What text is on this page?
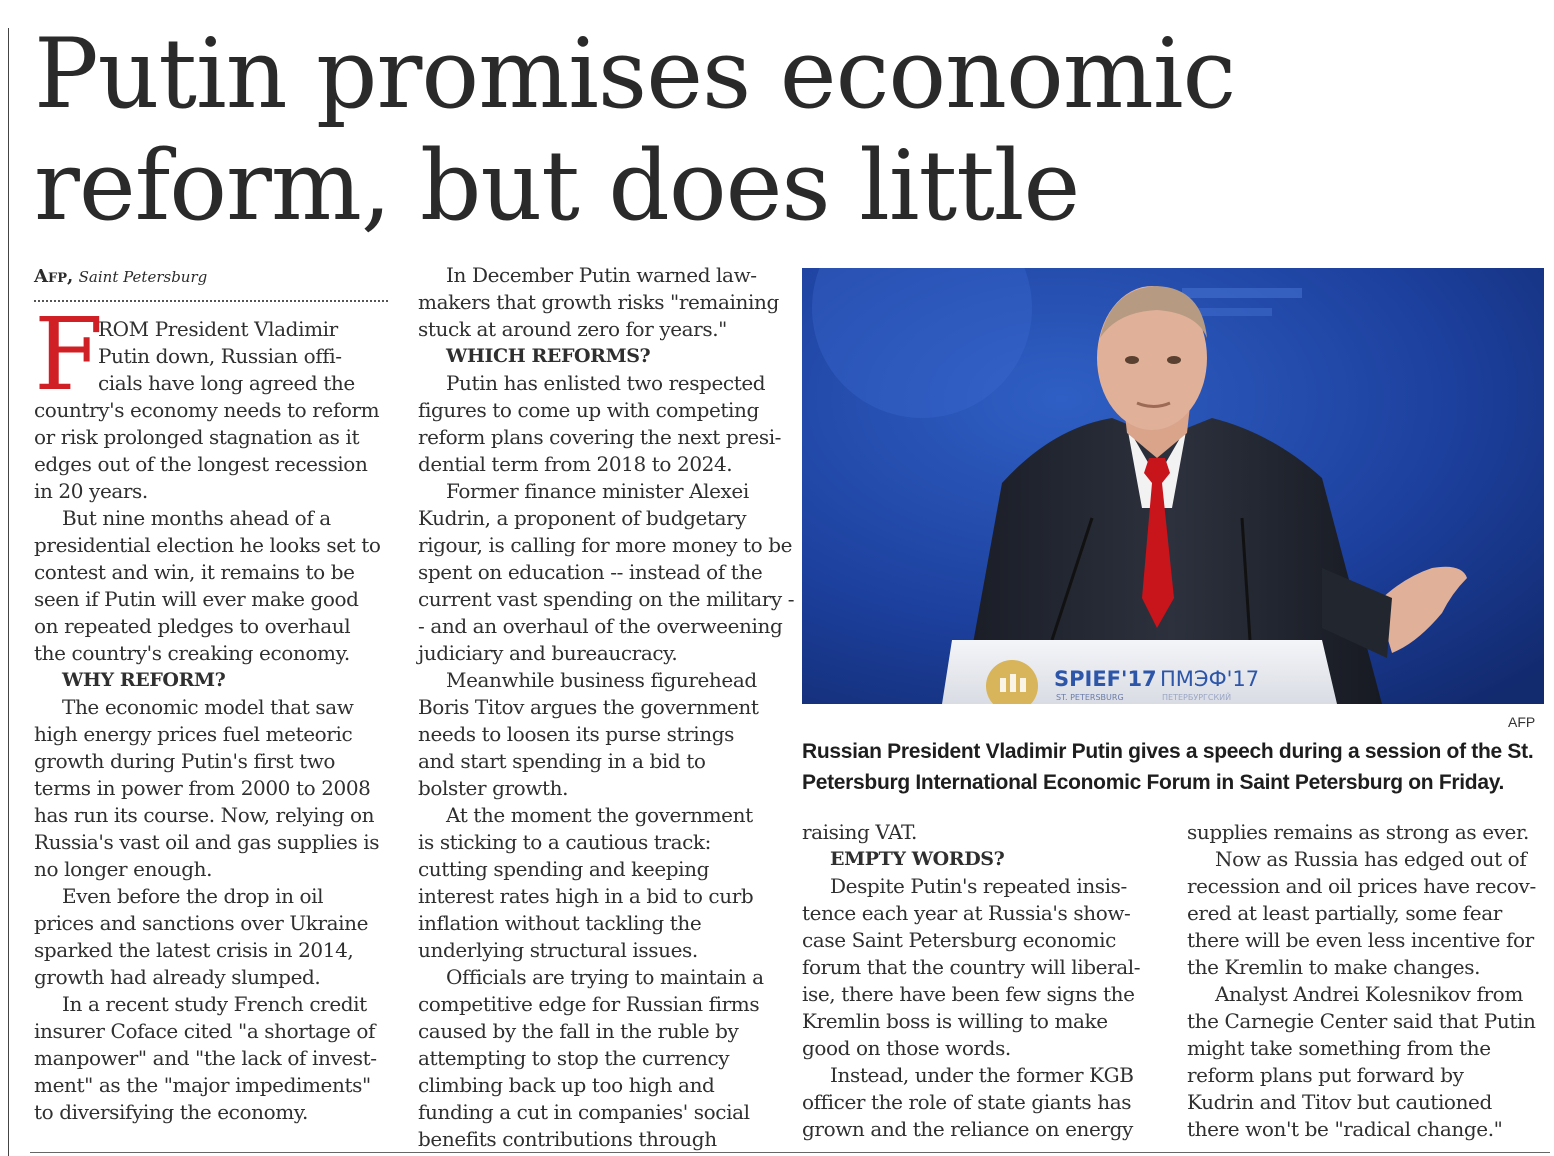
Putin promises economic
reform, but does little
Afp, Saint Petersburg
F
ROM President Vladimir
Putin down, Russian offi-
cials have long agreed the
country's economy needs to reform
or risk prolonged stagnation as it
edges out of the longest recession
in 20 years.
But nine months ahead of a
presidential election he looks set to
contest and win, it remains to be
seen if Putin will ever make good
on repeated pledges to overhaul
the country's creaking economy.
WHY REFORM?
The economic model that saw
high energy prices fuel meteoric
growth during Putin's first two
terms in power from 2000 to 2008
has run its course. Now, relying on
Russia's vast oil and gas supplies is
no longer enough.
Even before the drop in oil
prices and sanctions over Ukraine
sparked the latest crisis in 2014,
growth had already slumped.
In a recent study French credit
insurer Coface cited "a shortage of
manpower" and "the lack of invest-
ment" as the "major impediments"
to diversifying the economy.
In December Putin warned law-
makers that growth risks "remaining
stuck at around zero for years."
WHICH REFORMS?
Putin has enlisted two respected
figures to come up with competing
reform plans covering the next presi-
dential term from 2018 to 2024.
Former finance minister Alexei
Kudrin, a proponent of budgetary
rigour, is calling for more money to be
spent on education -- instead of the
current vast spending on the military -
- and an overhaul of the overweening
judiciary and bureaucracy.
Meanwhile business figurehead
Boris Titov argues the government
needs to loosen its purse strings
and start spending in a bid to
bolster growth.
At the moment the government
is sticking to a cautious track:
cutting spending and keeping
interest rates high in a bid to curb
inflation without tackling the
underlying structural issues.
Officials are trying to maintain a
competitive edge for Russian firms
caused by the fall in the ruble by
attempting to stop the currency
climbing back up too high and
funding a cut in companies' social
benefits contributions through
SPIEF'17 ПМЭФ'17
ST. PETERSBURG	ПЕТЕРБУРГСКИЙ
AFP
Russian President Vladimir Putin gives a speech during a session of the St.
Petersburg International Economic Forum in Saint Petersburg on Friday.
raising VAT.
EMPTY WORDS?
Despite Putin's repeated insis-
tence each year at Russia's show-
case Saint Petersburg economic
forum that the country will liberal-
ise, there have been few signs the
Kremlin boss is willing to make
good on those words.
Instead, under the former KGB
officer the role of state giants has
grown and the reliance on energy
supplies remains as strong as ever.
Now as Russia has edged out of
recession and oil prices have recov-
ered at least partially, some fear
there will be even less incentive for
the Kremlin to make changes.
Analyst Andrei Kolesnikov from
the Carnegie Center said that Putin
might take something from the
reform plans put forward by
Kudrin and Titov but cautioned
there won't be "radical change."
